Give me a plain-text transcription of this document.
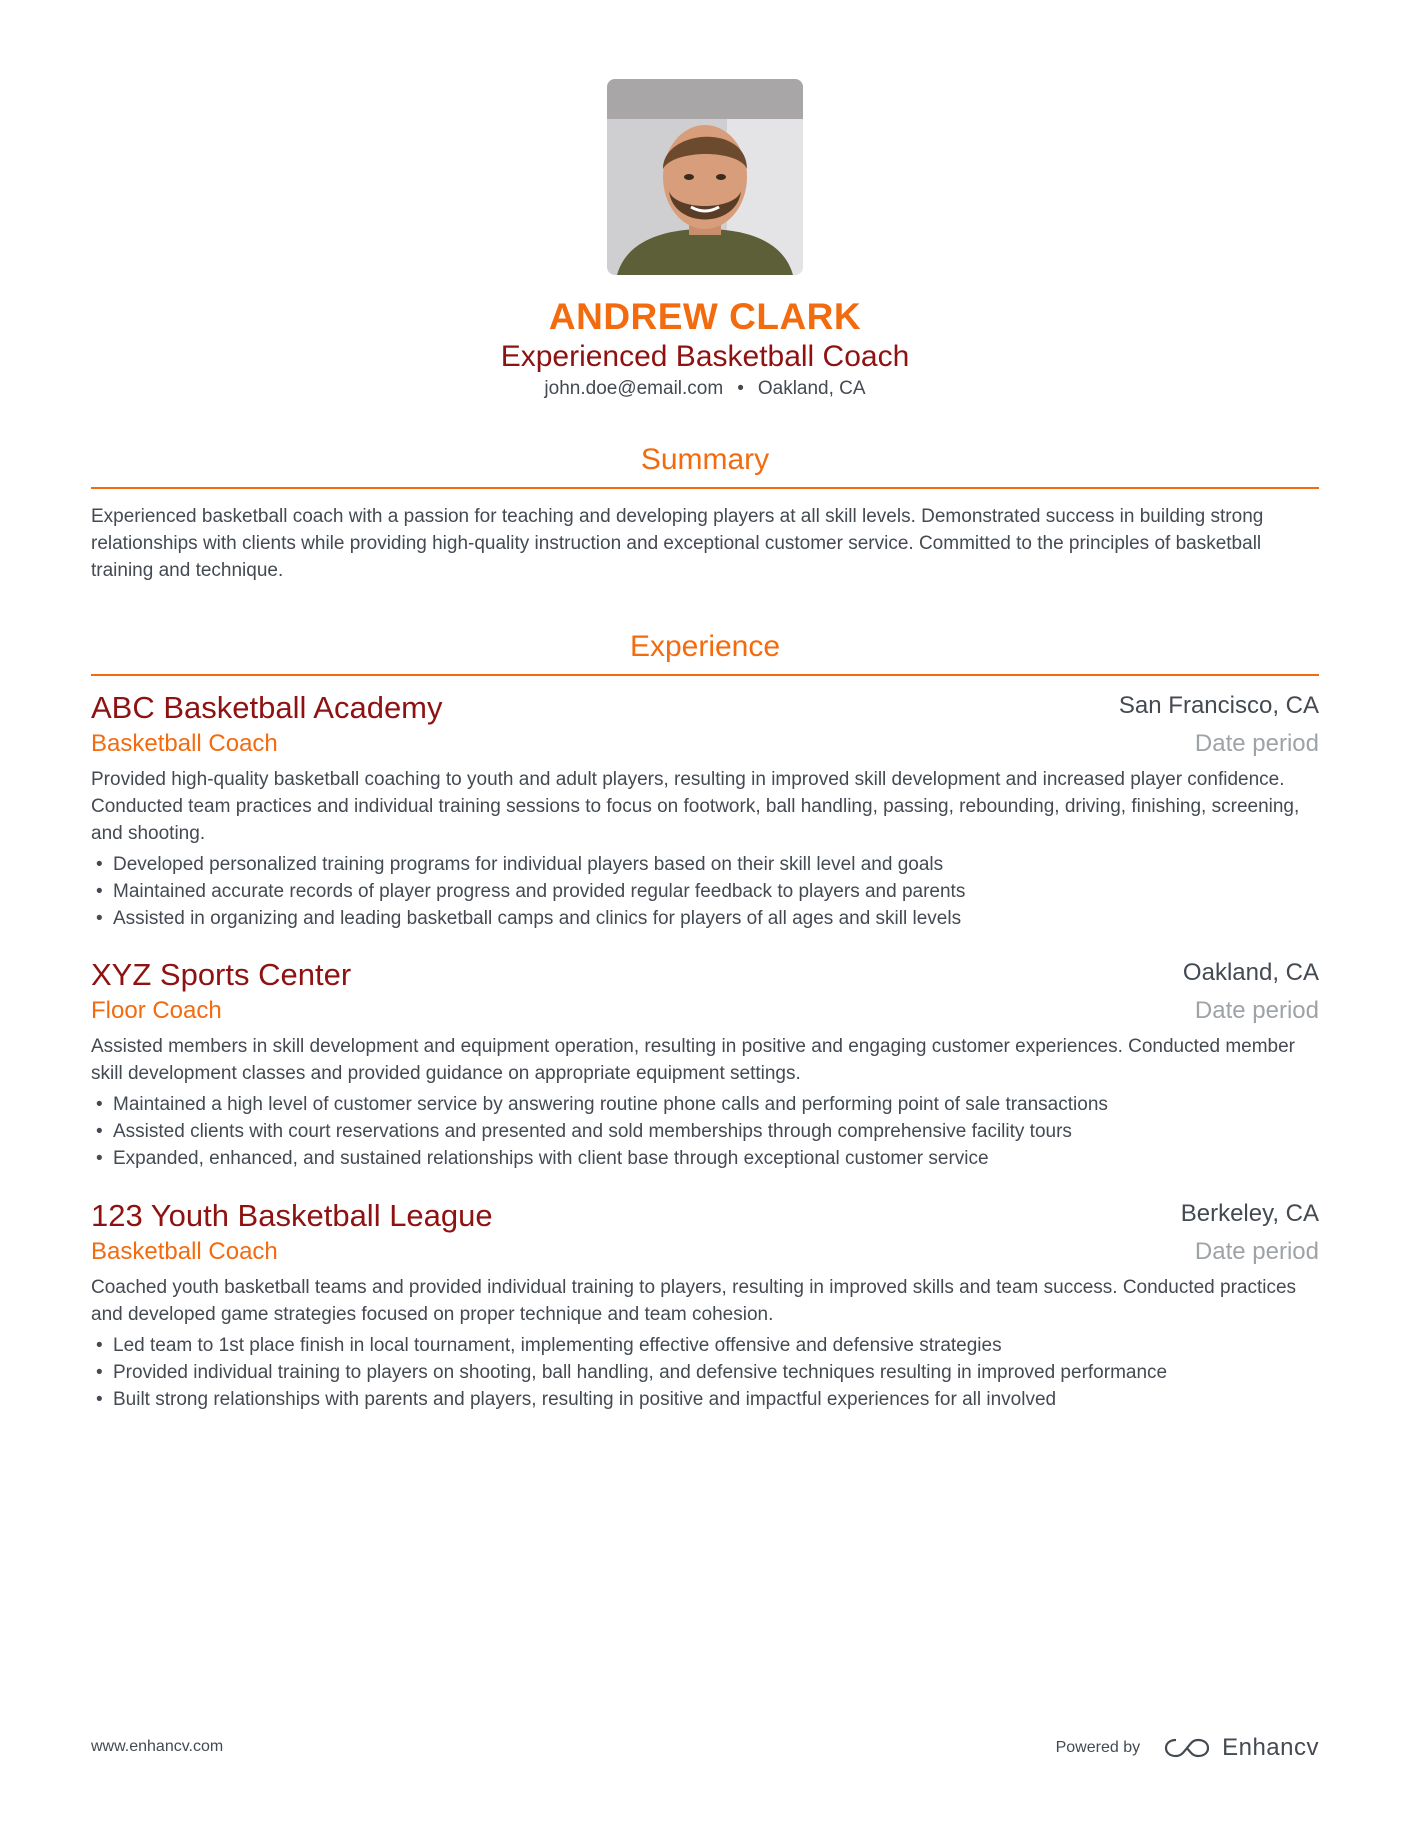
ANDREW CLARK
Experienced Basketball Coach
john.doe@email.com • Oakland, CA
Summary

Experienced basketball coach with a passion for teaching and developing players at all skill levels. Demonstrated success in building strong relationships with clients while providing high-quality instruction and exceptional customer service. Committed to the principles of basketball training and technique.

Experience
ABC Basketball Academy	San Francisco, CA
Basketball Coach	Date period

Provided high-quality basketball coaching to youth and adult players, resulting in improved skill development and increased player confidence. Conducted team practices and individual training sessions to focus on footwork, ball handling, passing, rebounding, driving, finishing, screening, and shooting.

• Developed personalized training programs for individual players based on their skill level and goals
• Maintained accurate records of player progress and provided regular feedback to players and parents
• Assisted in organizing and leading basketball camps and clinics for players of all ages and skill levels
XYZ Sports Center	Oakland, CA
Floor Coach	Date period

Assisted members in skill development and equipment operation, resulting in positive and engaging customer experiences. Conducted member skill development classes and provided guidance on appropriate equipment settings.

• Maintained a high level of customer service by answering routine phone calls and performing point of sale transactions
• Assisted clients with court reservations and presented and sold memberships through comprehensive facility tours
• Expanded, enhanced, and sustained relationships with client base through exceptional customer service
123 Youth Basketball League	Berkeley, CA
Basketball Coach	Date period

Coached youth basketball teams and provided individual training to players, resulting in improved skills and team success. Conducted practices and developed game strategies focused on proper technique and team cohesion.

• Led team to 1st place finish in local tournament, implementing effective offensive and defensive strategies
• Provided individual training to players on shooting, ball handling, and defensive techniques resulting in improved performance
• Built strong relationships with parents and players, resulting in positive and impactful experiences for all involved
www.enhancv.com	Powered by	Enhancv
